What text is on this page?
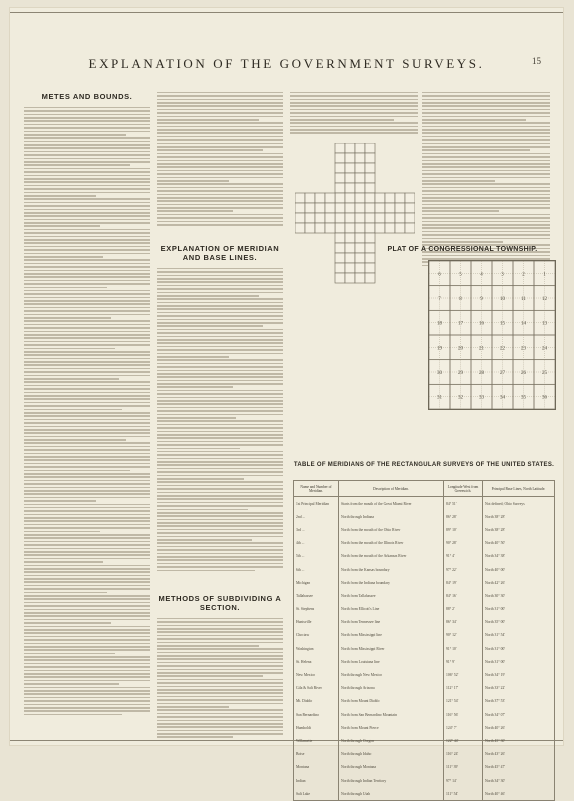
EXPLANATION OF THE GOVERNMENT SURVEYS.	15
METES AND BOUNDS.
EXPLANATION OF MERIDIAN AND BASE LINES.
METHODS OF SUBDIVIDING A SECTION.
PLAT OF A CONGRESSIONAL TOWNSHIP.
6	5	4	3	2	1
7	8	9	10	11	12
18	17	16	15	14	13
19	20	21	22	23	24
30	29	28	27	26	25
31	32	33	34	35	36
TABLE OF MERIDIANS OF THE RECTANGULAR SURVEYS OF THE UNITED STATES.
Name and Number of Meridian.	Description of Meridian.	Longitude West from Greenwich.	Principal Base Lines, North Latitude.
1st Principal Meridian	Starts from the mouth of the Great Miami River	84° 51′	Not defined; Ohio Surveys
2nd ...	North through Indiana	86° 28′	North 38° 28′
3rd ...	North from the mouth of the Ohio River	89° 10′	North 38° 28′
4th ...	North from the mouth of the Illinois River	90° 28′	North 40° 50′
5th ...	North from the mouth of the Arkansas River	91° 4′	North 34° 38′
6th ...	North from the Kansas boundary	97° 22′	North 40° 00′
Michigan	North from the Indiana boundary	84° 19′	North 42° 26′
Tallahassee	North from Tallahassee	84° 16′	North 30° 30′
St. Stephens	North from Ellicott's Line	88° 2′	North 31° 00′
Huntsville	North from Tennessee line	86° 34′	North 35° 00′
Choctaw	North from Mississippi line	90° 12′	North 31° 54′
Washington	North from Mississippi River	91° 10′	North 31° 00′
St. Helena	North from Louisiana line	91° 9′	North 31° 00′
New Mexico	North through New Mexico	106° 52′	North 34° 19′
Gila & Salt River	North through Arizona	112° 17′	North 33° 22′
Mt. Diablo	North from Mount Diablo	121° 54′	North 37° 53′
San Bernardino	North from San Bernardino Mountain	116° 56′	North 34° 07′
Humboldt	North from Mount Pierce	124° 7′	North 40° 26′
Willamette	North through Oregon	122° 44′	North 45° 30′
Boise	North through Idaho	116° 24′	North 43° 26′
Montana	North through Montana	111° 39′	North 45° 47′
Indian	North through Indian Territory	97° 14′	North 34° 30′
Salt Lake	North through Utah	111° 54′	North 40° 46′
